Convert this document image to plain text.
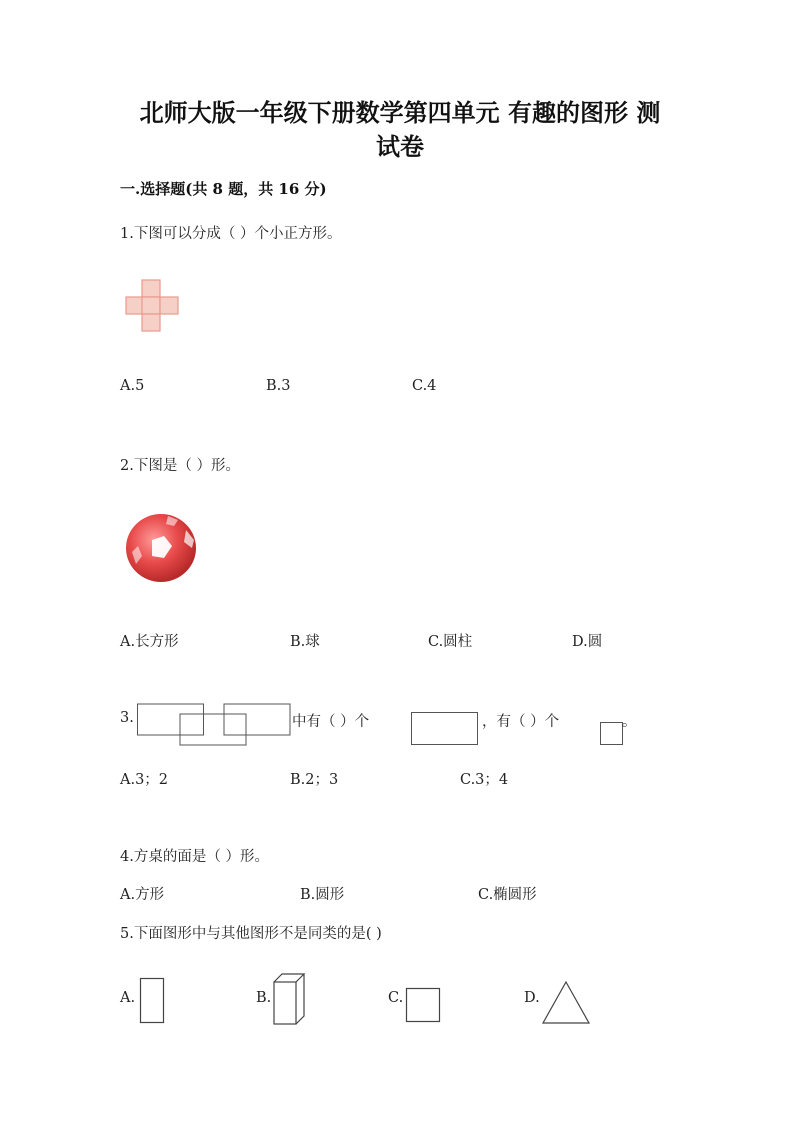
北师大版一年级下册数学第四单元 有趣的图形 测
试卷
一.选择题(共 8 题，共 16 分)
1.下图可以分成（ ）个小正方形。
A.5	B.3	C.4
2.下图是（ ）形。
A.长方形	B.球	C.圆柱	D.圆
3.	中有（ ）个	，有（ ）个	。
A.3；2	B.2；3	C.3；4
4.方桌的面是（ ）形。
A.方形	B.圆形	C.椭圆形
5.下面图形中与其他图形不是同类的是( )
A.	B.	C.	D.
